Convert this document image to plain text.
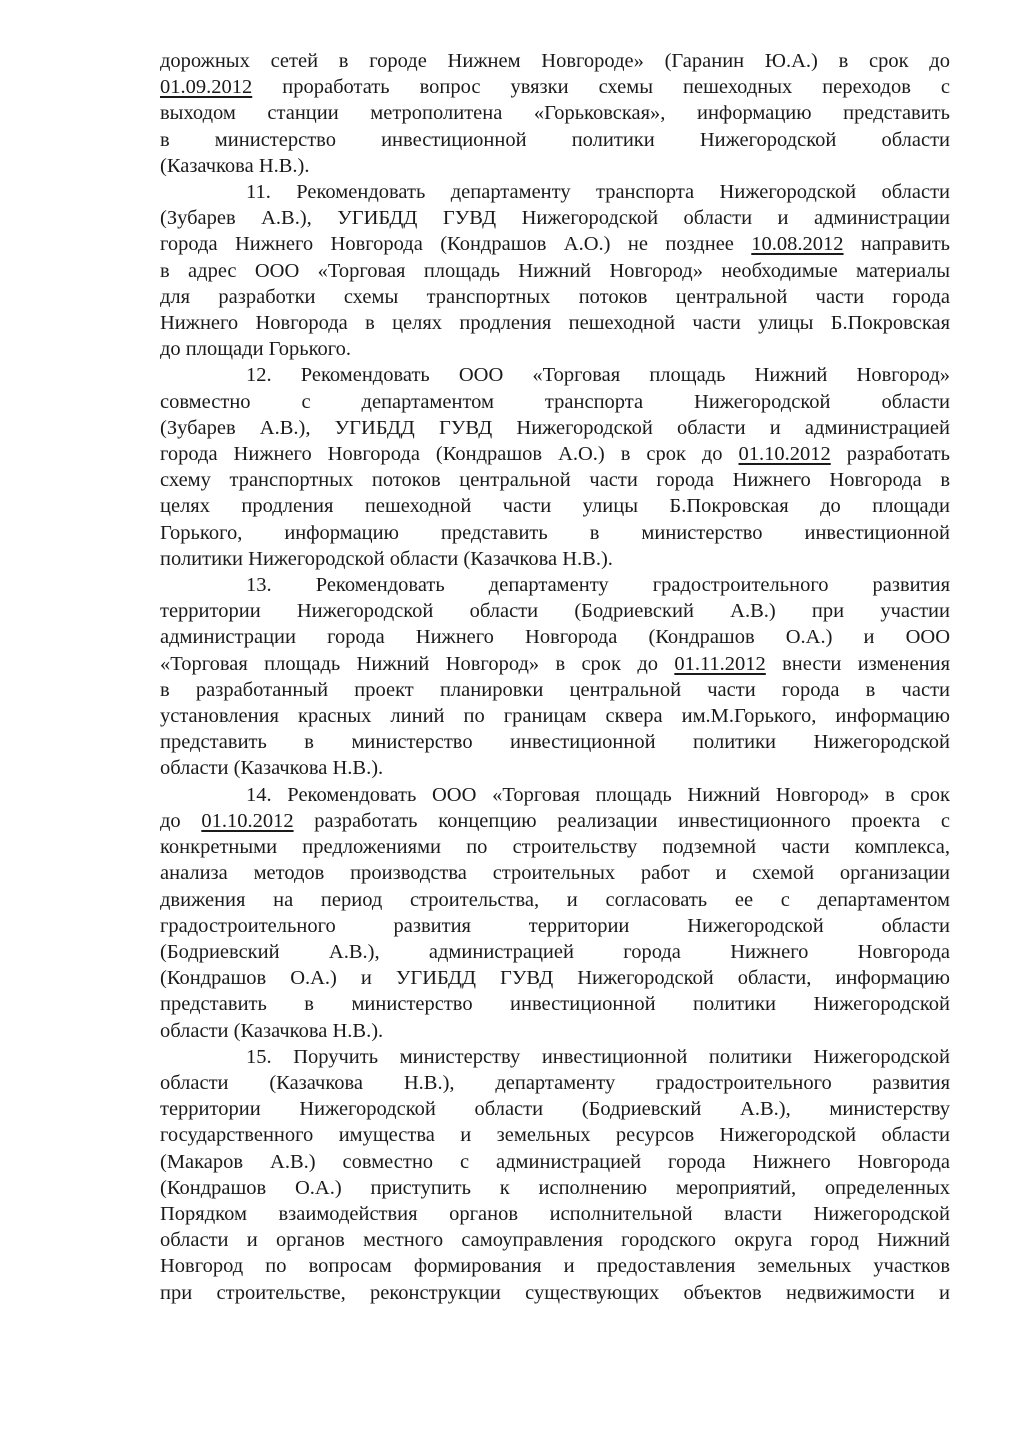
дорожных сетей в городе Нижнем Новгороде» (Гаранин Ю.А.) в срок до
01.09.2012 проработать вопрос увязки схемы пешеходных переходов с
выходом станции метрополитена «Горьковская», информацию представить
в министерство инвестиционной политики Нижегородской области
(Казачкова Н.В.).
11. Рекомендовать департаменту транспорта Нижегородской области
(Зубарев А.В.), УГИБДД ГУВД Нижегородской области и администрации
города Нижнего Новгорода (Кондрашов А.О.) не позднее 10.08.2012 направить
в адрес ООО «Торговая площадь Нижний Новгород» необходимые материалы
для разработки схемы транспортных потоков центральной части города
Нижнего Новгорода в целях продления пешеходной части улицы Б.Покровская
до площади Горького.
12. Рекомендовать ООО «Торговая площадь Нижний Новгород»
совместно с департаментом транспорта Нижегородской области
(Зубарев А.В.), УГИБДД ГУВД Нижегородской области и администрацией
города Нижнего Новгорода (Кондрашов А.О.) в срок до 01.10.2012 разработать
схему транспортных потоков центральной части города Нижнего Новгорода в
целях продления пешеходной части улицы Б.Покровская до площади
Горького, информацию представить в министерство инвестиционной
политики Нижегородской области (Казачкова Н.В.).
13. Рекомендовать департаменту градостроительного развития
территории Нижегородской области (Бодриевский А.В.) при участии
администрации города Нижнего Новгорода (Кондрашов О.А.) и ООО
«Торговая площадь Нижний Новгород» в срок до 01.11.2012 внести изменения
в разработанный проект планировки центральной части города в части
установления красных линий по границам сквера им.М.Горького, информацию
представить в министерство инвестиционной политики Нижегородской
области (Казачкова Н.В.).
14. Рекомендовать ООО «Торговая площадь Нижний Новгород» в срок
до 01.10.2012 разработать концепцию реализации инвестиционного проекта с
конкретными предложениями по строительству подземной части комплекса,
анализа методов производства строительных работ и схемой организации
движения на период строительства, и согласовать ее с департаментом
градостроительного развития территории Нижегородской области
(Бодриевский А.В.), администрацией города Нижнего Новгорода
(Кондрашов О.А.) и УГИБДД ГУВД Нижегородской области, информацию
представить в министерство инвестиционной политики Нижегородской
области (Казачкова Н.В.).
15. Поручить министерству инвестиционной политики Нижегородской
области (Казачкова Н.В.), департаменту градостроительного развития
территории Нижегородской области (Бодриевский А.В.), министерству
государственного имущества и земельных ресурсов Нижегородской области
(Макаров А.В.) совместно с администрацией города Нижнего Новгорода
(Кондрашов О.А.) приступить к исполнению мероприятий, определенных
Порядком взаимодействия органов исполнительной власти Нижегородской
области и органов местного самоуправления городского округа город Нижний
Новгород по вопросам формирования и предоставления земельных участков
при строительстве, реконструкции существующих объектов недвижимости и
